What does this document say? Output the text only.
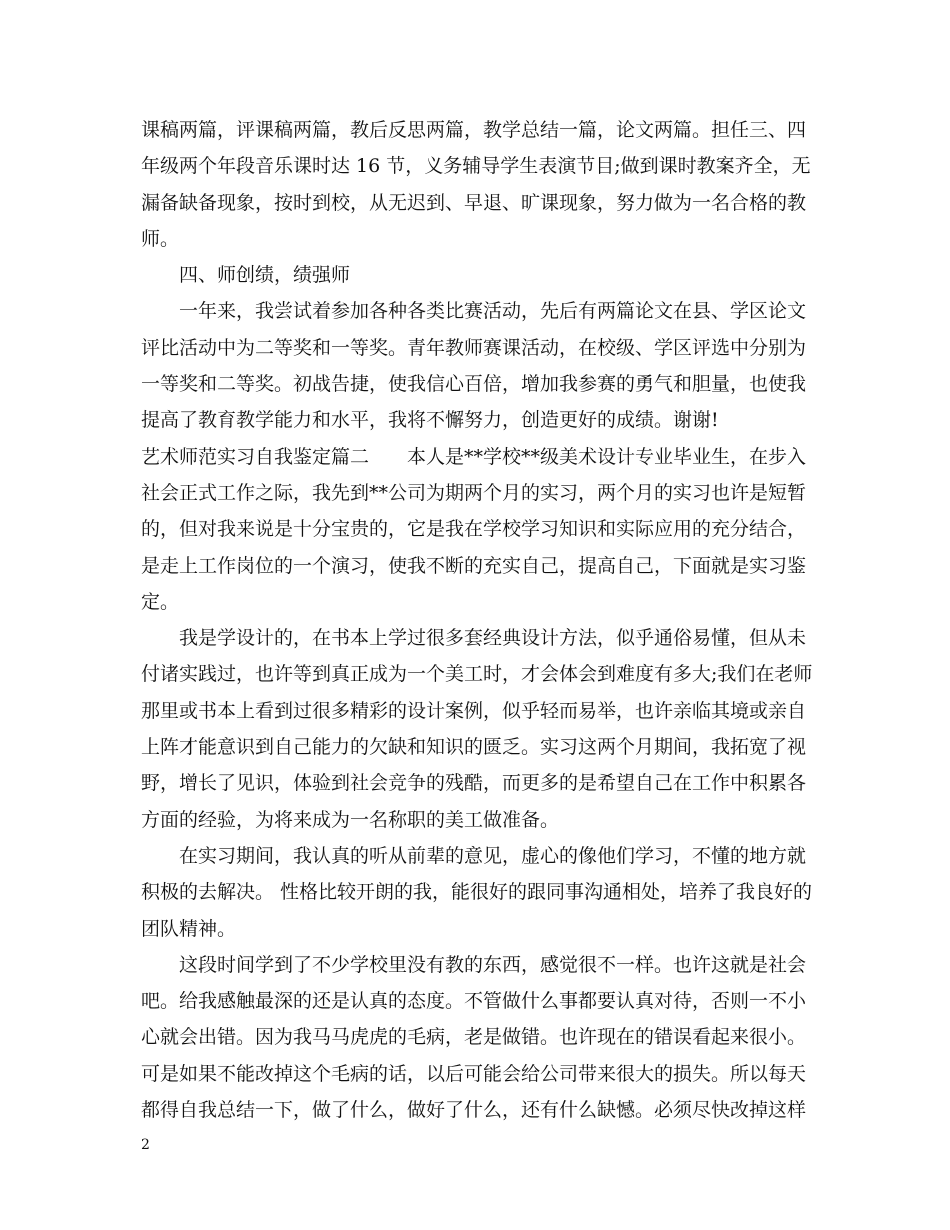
课稿两篇，评课稿两篇，教后反思两篇，教学总结一篇，论文两篇。担任三、四
年级两个年段音乐课时达 16 节，义务辅导学生表演节目;做到课时教案齐全，无
漏备缺备现象，按时到校，从无迟到、早退、旷课现象，努力做为一名合格的教
师。
四、师创绩，绩强师
一年来，我尝试着参加各种各类比赛活动，先后有两篇论文在县、学区论文
评比活动中为二等奖和一等奖。青年教师赛课活动，在校级、学区评选中分别为
一等奖和二等奖。初战告捷，使我信心百倍，增加我参赛的勇气和胆量，也使我
提高了教育教学能力和水平，我将不懈努力，创造更好的成绩。谢谢!
艺术师范实习自我鉴定篇二　　本人是**学校**级美术设计专业毕业生，在步入
社会正式工作之际，我先到**公司为期两个月的实习，两个月的实习也许是短暂
的，但对我来说是十分宝贵的，它是我在学校学习知识和实际应用的充分结合，
是走上工作岗位的一个演习，使我不断的充实自己，提高自己，下面就是实习鉴
定。
我是学设计的，在书本上学过很多套经典设计方法，似乎通俗易懂，但从未
付诸实践过，也许等到真正成为一个美工时，才会体会到难度有多大;我们在老师
那里或书本上看到过很多精彩的设计案例，似乎轻而易举，也许亲临其境或亲自
上阵才能意识到自己能力的欠缺和知识的匮乏。实习这两个月期间，我拓宽了视
野，增长了见识，体验到社会竞争的残酷，而更多的是希望自己在工作中积累各
方面的经验，为将来成为一名称职的美工做准备。
在实习期间，我认真的听从前辈的意见，虚心的像他们学习，不懂的地方就
积极的去解决。 性格比较开朗的我，能很好的跟同事沟通相处，培养了我良好的
团队精神。
这段时间学到了不少学校里没有教的东西，感觉很不一样。也许这就是社会
吧。给我感触最深的还是认真的态度。不管做什么事都要认真对待，否则一不小
心就会出错。因为我马马虎虎的毛病，老是做错。也许现在的错误看起来很小。
可是如果不能改掉这个毛病的话，以后可能会给公司带来很大的损失。所以每天
都得自我总结一下，做了什么，做好了什么，还有什么缺憾。必须尽快改掉这样
2
